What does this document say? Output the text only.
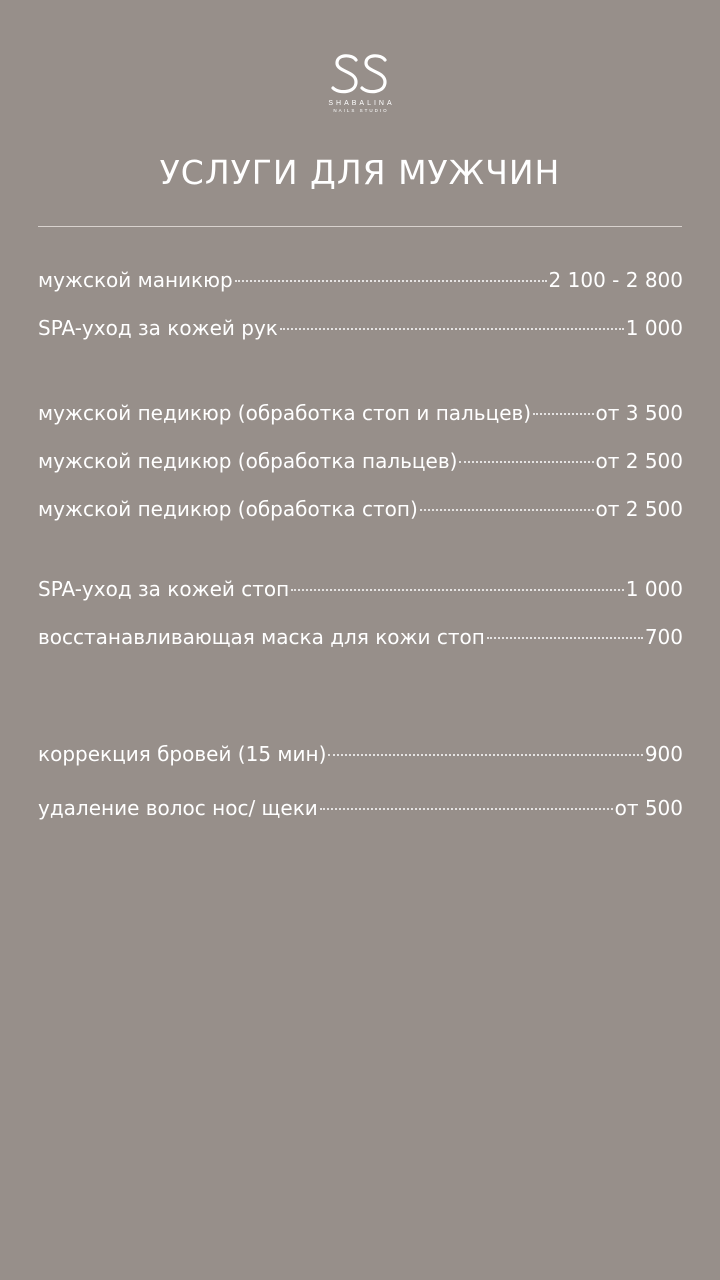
SHABALINA
NAILS STUDIO
УСЛУГИ ДЛЯ МУЖЧИН
мужской маникюр	2 100 - 2 800
SPA-уход за кожей рук	1 000
мужской педикюр (обработка стоп и пальцев)	от 3 500
мужской педикюр (обработка пальцев)	от 2 500
мужской педикюр (обработка стоп)	от 2 500
SPA-уход за кожей стоп	1 000
восстанавливающая маска для кожи стоп	700
коррекция бровей (15 мин)	900
удаление волос нос/ щеки	от 500
